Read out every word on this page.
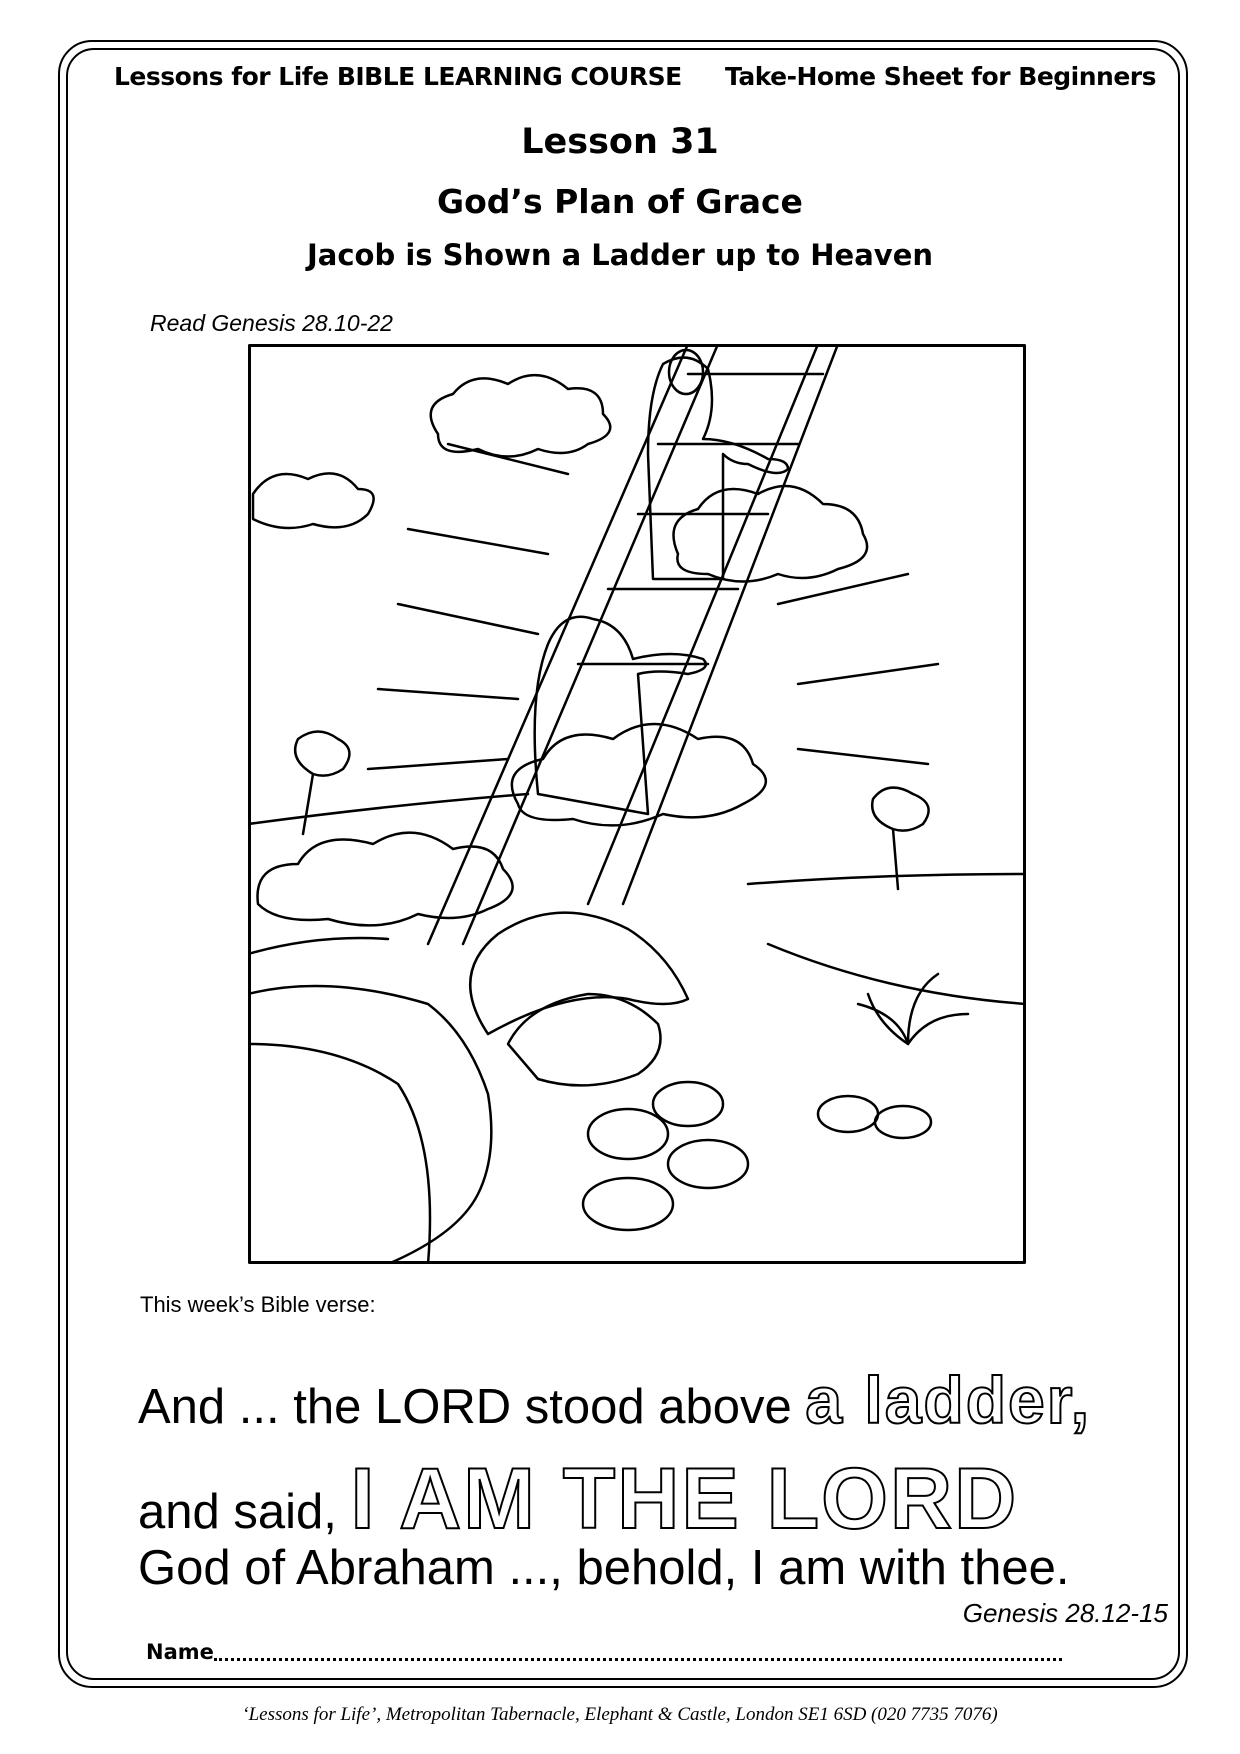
Lessons for Life BIBLE LEARNING COURSE Take-Home Sheet for Beginners
Lesson 31
God’s Plan of Grace
Jacob is Shown a Ladder up to Heaven
Read Genesis 28.10-22
This week’s Bible verse:
And ... the LORD stood above a ladder,
and said, I AM THE LORD
God of Abraham ..., behold, I am with thee.
Genesis 28.12-15
Name
‘Lessons for Life’, Metropolitan Tabernacle, Elephant & Castle, London SE1 6SD (020 7735 7076)
